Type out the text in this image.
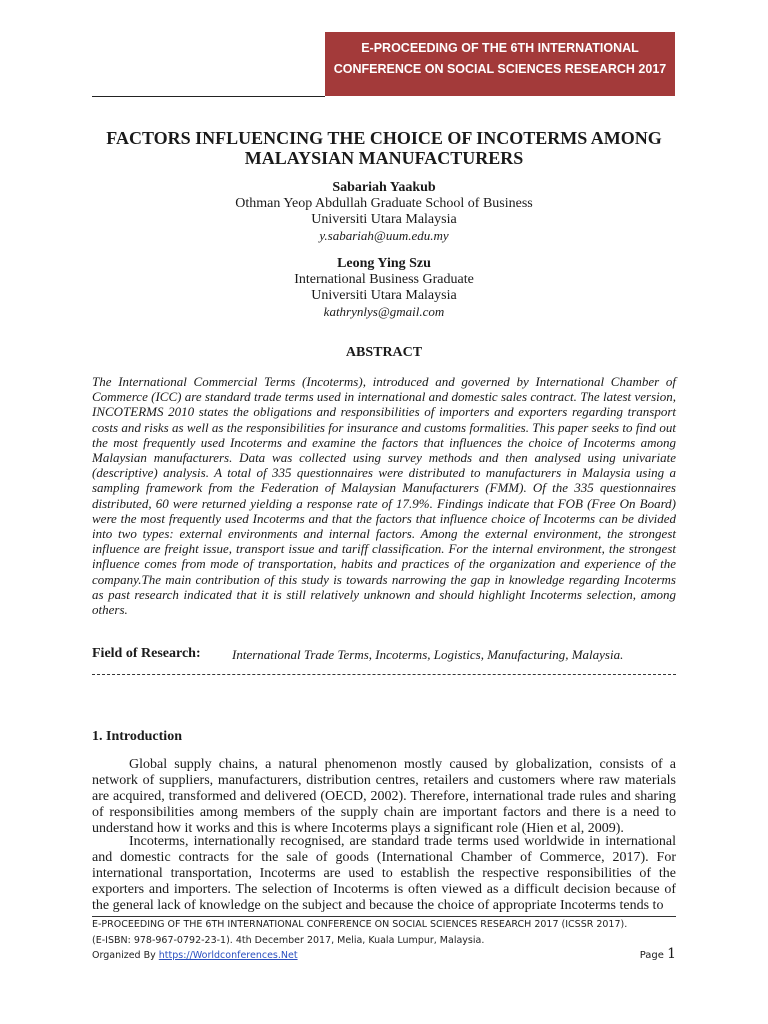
E-PROCEEDING OF THE 6TH INTERNATIONAL
CONFERENCE ON SOCIAL SCIENCES RESEARCH 2017
FACTORS INFLUENCING THE CHOICE OF INCOTERMS AMONG
MALAYSIAN MANUFACTURERS
Sabariah Yaakub
Othman Yeop Abdullah Graduate School of Business
Universiti Utara Malaysia
y.sabariah@uum.edu.my
Leong Ying Szu
International Business Graduate
Universiti Utara Malaysia
kathrynlys@gmail.com
ABSTRACT
The International Commercial Terms (Incoterms), introduced and governed by International Chamber of Commerce (ICC) are standard trade terms used in international and domestic sales contract. The latest version, INCOTERMS 2010 states the obligations and responsibilities of importers and exporters regarding transport costs and risks as well as the responsibilities for insurance and customs formalities. This paper seeks to find out the most frequently used Incoterms and examine the factors that influences the choice of Incoterms among Malaysian manufacturers. Data was collected using survey methods and then analysed using univariate (descriptive) analysis. A total of 335 questionnaires were distributed to manufacturers in Malaysia using a sampling framework from the Federation of Malaysian Manufacturers (FMM). Of the 335 questionnaires distributed, 60 were returned yielding a response rate of 17.9%. Findings indicate that FOB (Free On Board) were the most frequently used Incoterms and that the factors that influence choice of Incoterms can be divided into two types: external environments and internal factors. Among the external environment, the strongest influence are freight issue, transport issue and tariff classification. For the internal environment, the strongest influence comes from mode of transportation, habits and practices of the organization and experience of the company.The main contribution of this study is towards narrowing the gap in knowledge regarding Incoterms as past research indicated that it is still relatively unknown and should highlight Incoterms selection, among others.
Field of Research: International Trade Terms, Incoterms, Logistics, Manufacturing, Malaysia.
1. Introduction
Global supply chains, a natural phenomenon mostly caused by globalization, consists of a network of suppliers, manufacturers, distribution centres, retailers and customers where raw materials are acquired, transformed and delivered (OECD, 2002). Therefore, international trade rules and sharing of responsibilities among members of the supply chain are important factors and there is a need to understand how it works and this is where Incoterms plays a significant role (Hien et al, 2009).
Incoterms, internationally recognised, are standard trade terms used worldwide in international and domestic contracts for the sale of goods (International Chamber of Commerce, 2017). For international transportation, Incoterms are used to establish the respective responsibilities of the exporters and importers. The selection of Incoterms is often viewed as a difficult decision because of the general lack of knowledge on the subject and because the choice of appropriate Incoterms tends to
E-PROCEEDING OF THE 6TH INTERNATIONAL CONFERENCE ON SOCIAL SCIENCES RESEARCH 2017 (ICSSR 2017).
(E-ISBN: 978-967-0792-23-1). 4th December 2017, Melia, Kuala Lumpur, Malaysia.
Organized By https://Worldconferences.Net	Page 1
